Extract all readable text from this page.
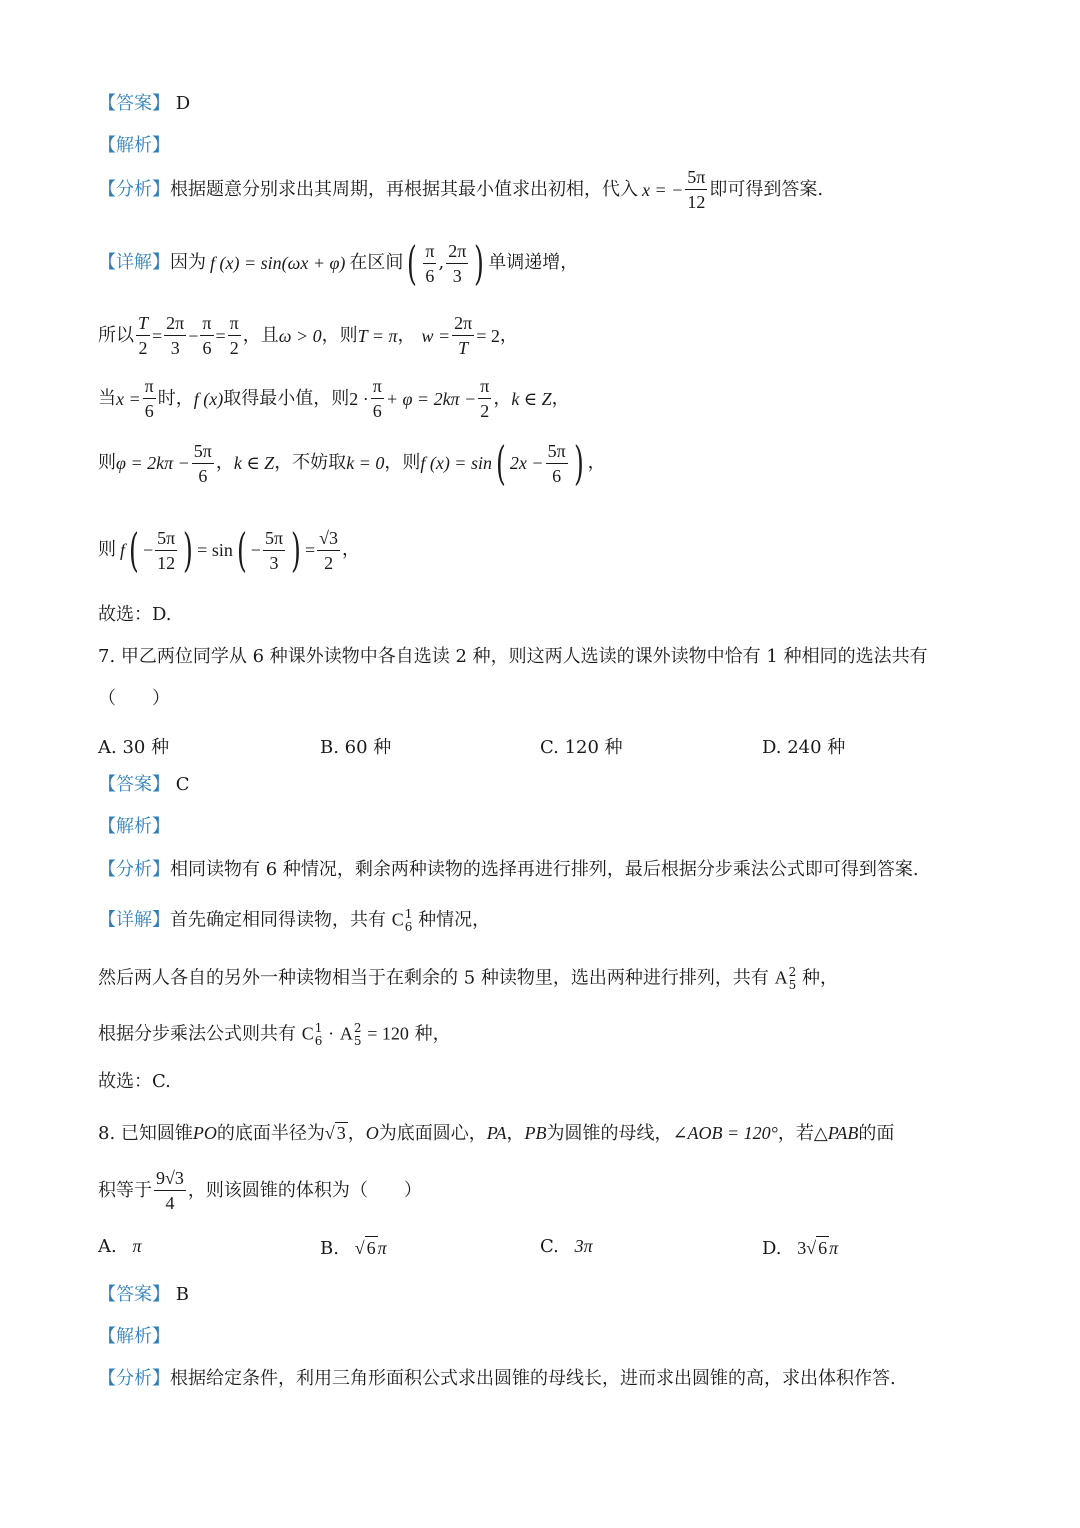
【答案】 D
【解析】
【分析】 根据题意分别求出其周期，再根据其最小值求出初相，代入 x = − $\frac{5\pi}{12}$ 即可得到答案.
【详解】 因为 f (x) = sin(ωx + φ) 在区间 ( $\frac{\pi}{6}$ , $\frac{2\pi}{3}$ ) 单调递增，
所以 $\frac{T}{2} = \frac{2\pi}{3} - \frac{\pi}{6} = \frac{\pi}{2}$ ，且 ω > 0 ，则 T = π ， $w = \frac{2\pi}{T} = 2$ ，
当 $x = \frac{\pi}{6}$ 时， f (x) 取得最小值，则 $2 \cdot \frac{\pi}{6} + \varphi = 2k\pi - \frac{\pi}{2}$ ， k ∈ Z ，
则 $\varphi = 2k\pi - \frac{5\pi}{6}$ ， k ∈ Z ，不妨取 k = 0 ，则 f (x) = sin ( $2x - \frac{5\pi}{6}$ ) ，
则 f ( − $\frac{5\pi}{12}$ ) = sin ( − $\frac{5\pi}{3}$ ) = $\frac{√3}{2}$ ，
故选：D.
7. 甲乙两位同学从 6 种课外读物中各自选读 2 种，则这两人选读的课外读物中恰有 1 种相同的选法共有
（　　）
A. 30 种	B. 60 种	C. 120 种	D. 240 种
【答案】 C
【解析】
【分析】相同读物有 6 种情况，剩余两种读物的选择再进行排列，最后根据分步乘法公式即可得到答案.
【详解】首先确定相同得读物，共有 C 1
6 种情况，
然后两人各自的另外一种读物相当于在剩余的 5 种读物里，选出两种进行排列，共有 A 2
5 种，
根据分步乘法公式则共有 C 1
6 · A 2
5 = 120 种，
故选：C.
8. 已知圆锥PO的底面半径为√ 3 ，O为底面圆心，PA，PB为圆锥的母线，∠AOB = 120°，若△PAB的面
积等于 $\frac{9√3}{4}$ ，则该圆锥的体积为（　　）
A. π	B. √ 6 π	C. 3π	D. 3√ 6 π
【答案】 B
【解析】
【分析】根据给定条件，利用三角形面积公式求出圆锥的母线长，进而求出圆锥的高，求出体积作答.
